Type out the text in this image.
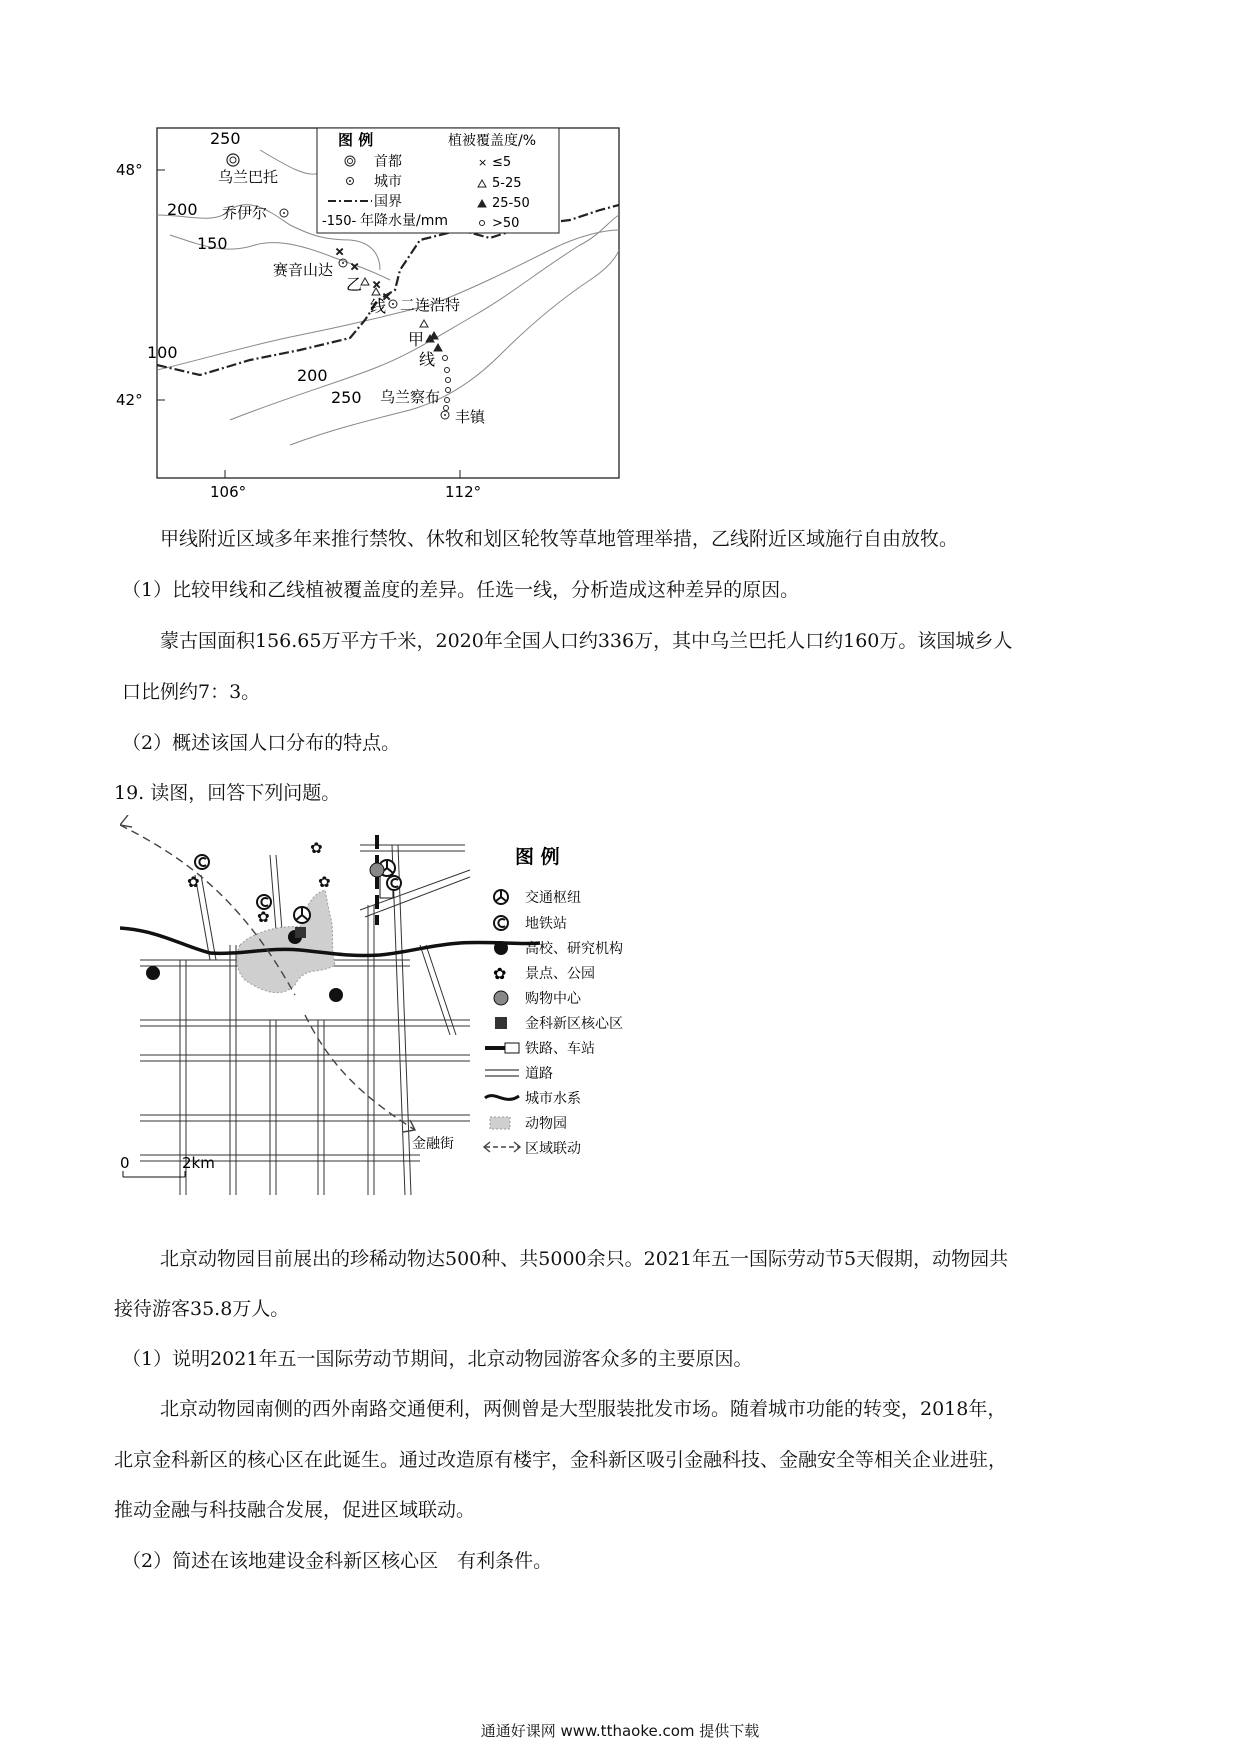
48°
42°
106°	112°
250
200
150
100
200
250
乌兰巴托
乔伊尔
赛音山达
二连浩特
乌兰察布
丰镇
×
×
×
×
乙
线
甲
线
图 例	植被覆盖度/%
首都
城市
国界
-150- 年降水量/mm
× ≤5
5-25
25-50
>50
甲线附近区域多年来推行禁牧、休牧和划区轮牧等草地管理举措，乙线附近区域施行自由放牧。
（1）比较甲线和乙线植被覆盖度的差异。任选一线，分析造成这种差异的原因。
蒙古国面积156.65万平方千米，2020年全国人口约336万，其中乌兰巴托人口约160万。该国城乡人
口比例约7：3。
（2）概述该国人口分布的特点。
19. 读图，回答下列问题。
✿
✿
✿
✿
金融街
0	2km
图 例
交通枢纽
地铁站
高校、研究机构
✿ 景点、公园
购物中心
金科新区核心区
铁路、车站
道路
城市水系
动物园
区域联动
北京动物园目前展出的珍稀动物达500种、共5000余只。2021年五一国际劳动节5天假期，动物园共
接待游客35.8万人。
（1）说明2021年五一国际劳动节期间，北京动物园游客众多的主要原因。
北京动物园南侧的西外南路交通便利，两侧曾是大型服装批发市场。随着城市功能的转变，2018年，
北京金科新区的核心区在此诞生。通过改造原有楼宇，金科新区吸引金融科技、金融安全等相关企业进驻，
推动金融与科技融合发展，促进区域联动。
（2）简述在该地建设金科新区核心区　有利条件。
通通好课网 www.tthaoke.com 提供下载
